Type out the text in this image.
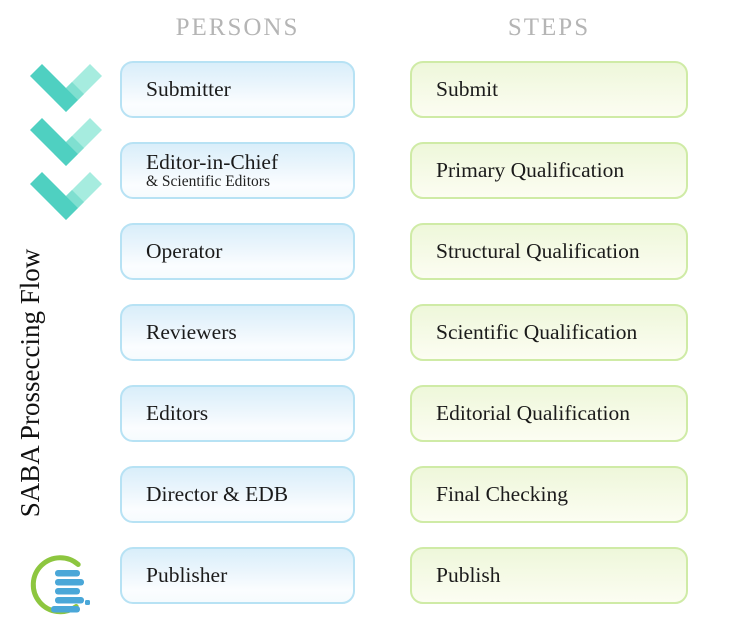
PERSONS	STEPS
SABA Prosseccing Flow
Submitter
Editor-in-Chief
& Scientific Editors
Operator
Reviewers
Editors
Director & EDB
Publisher
Submit
Primary Qualification
Structural Qualification
Scientific Qualification
Editorial Qualification
Final Checking
Publish
